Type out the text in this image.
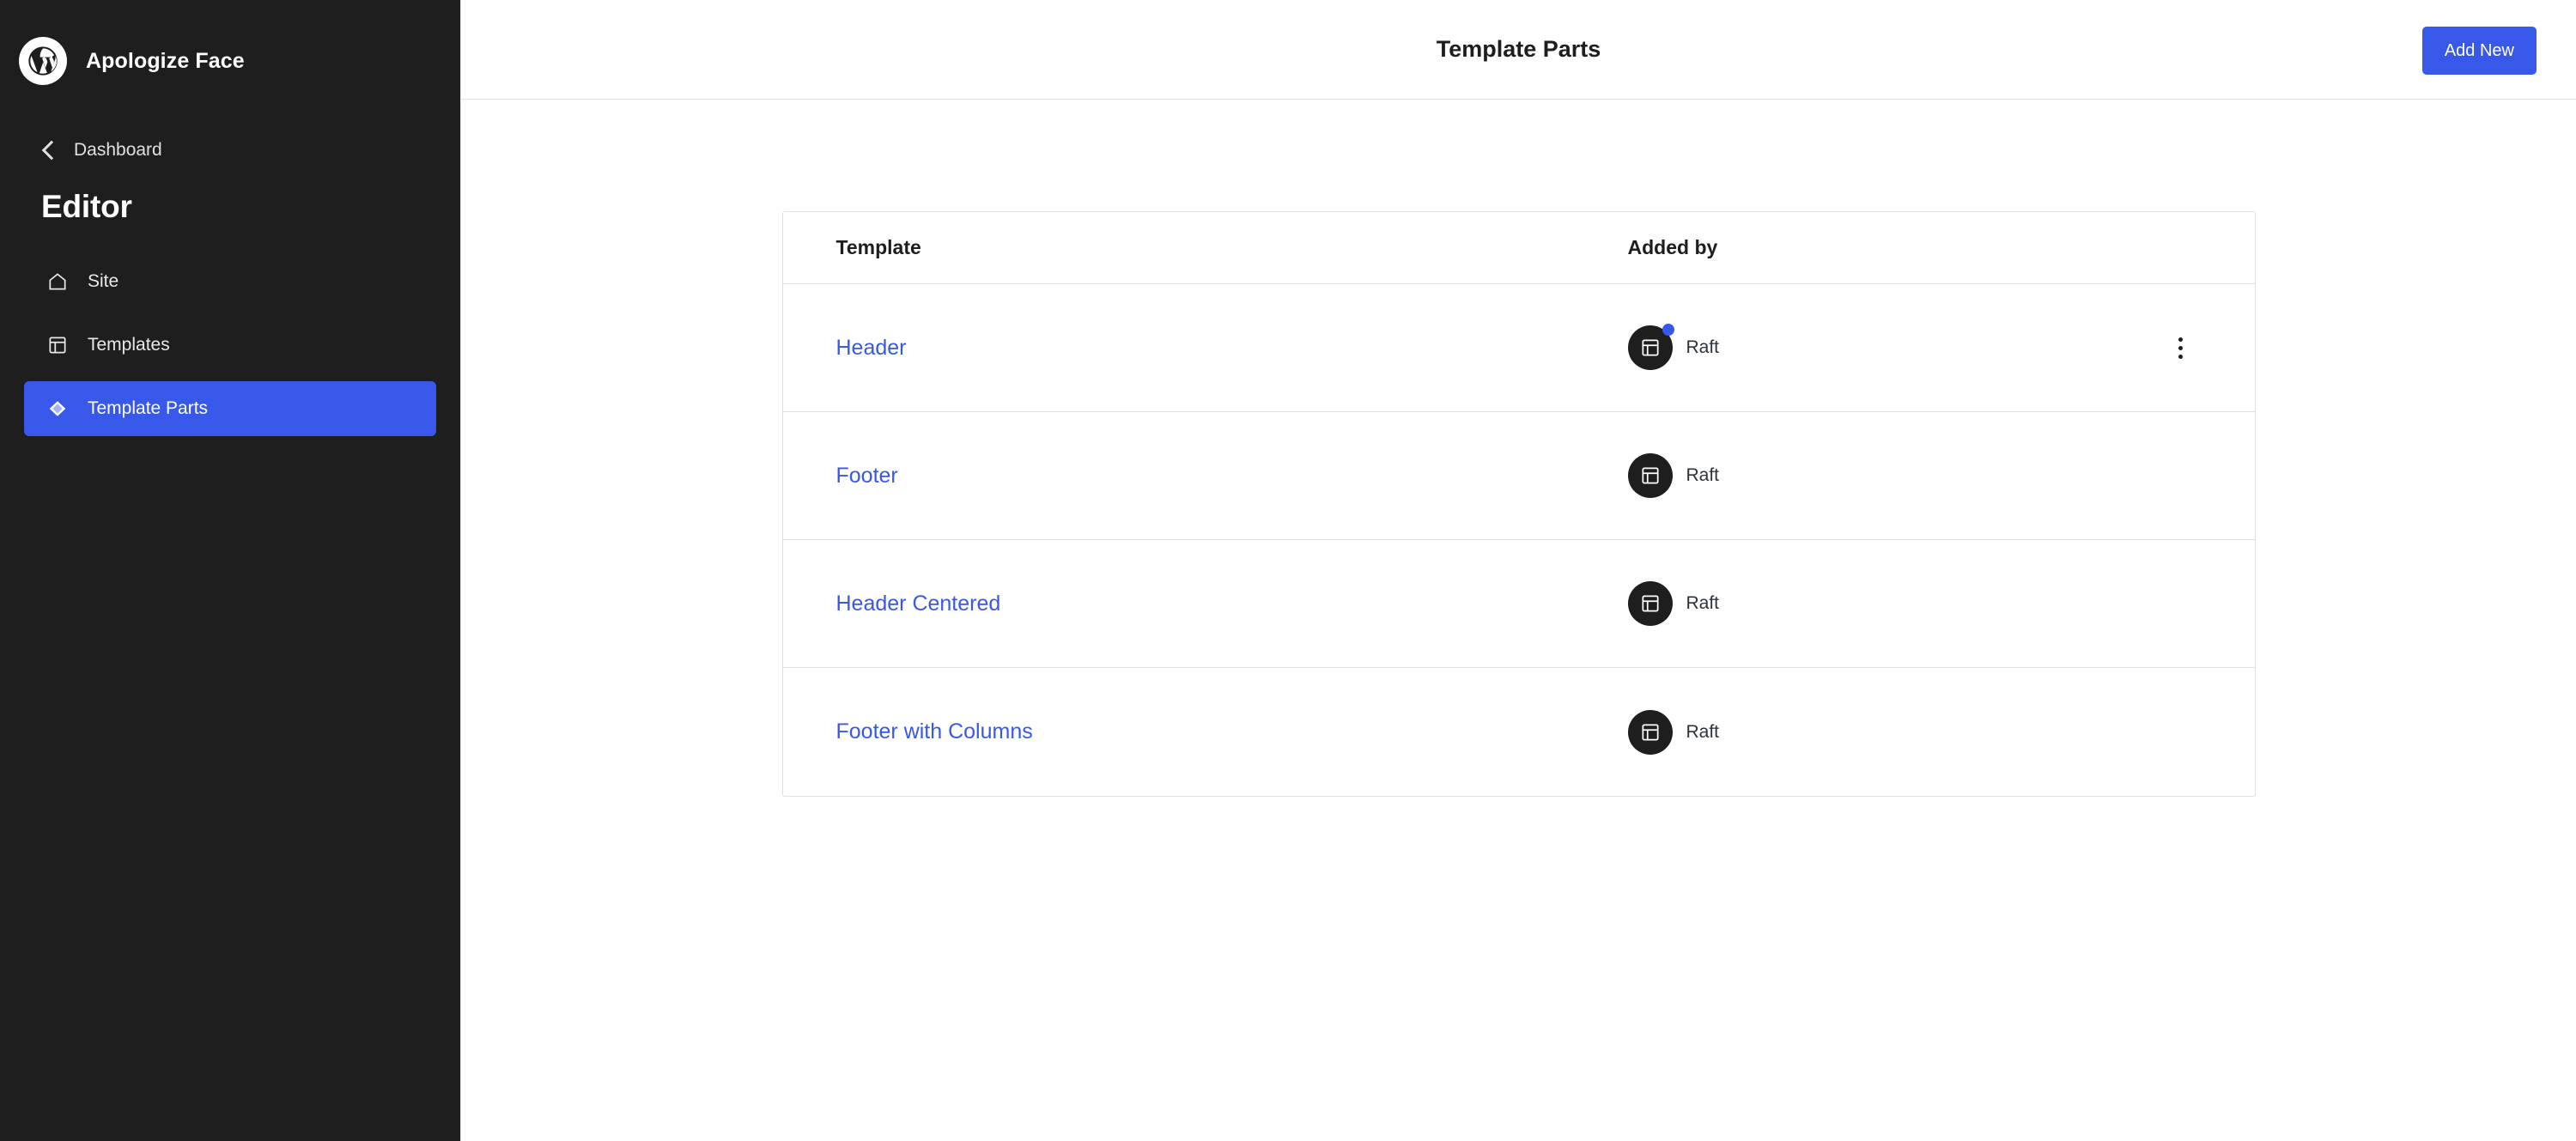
Apologize Face
Dashboard
Editor
Site
Templates
Template Parts
Template Parts	Add New
Template	Added by
Header	Raft
Footer	Raft
Header Centered	Raft
Footer with Columns	Raft
